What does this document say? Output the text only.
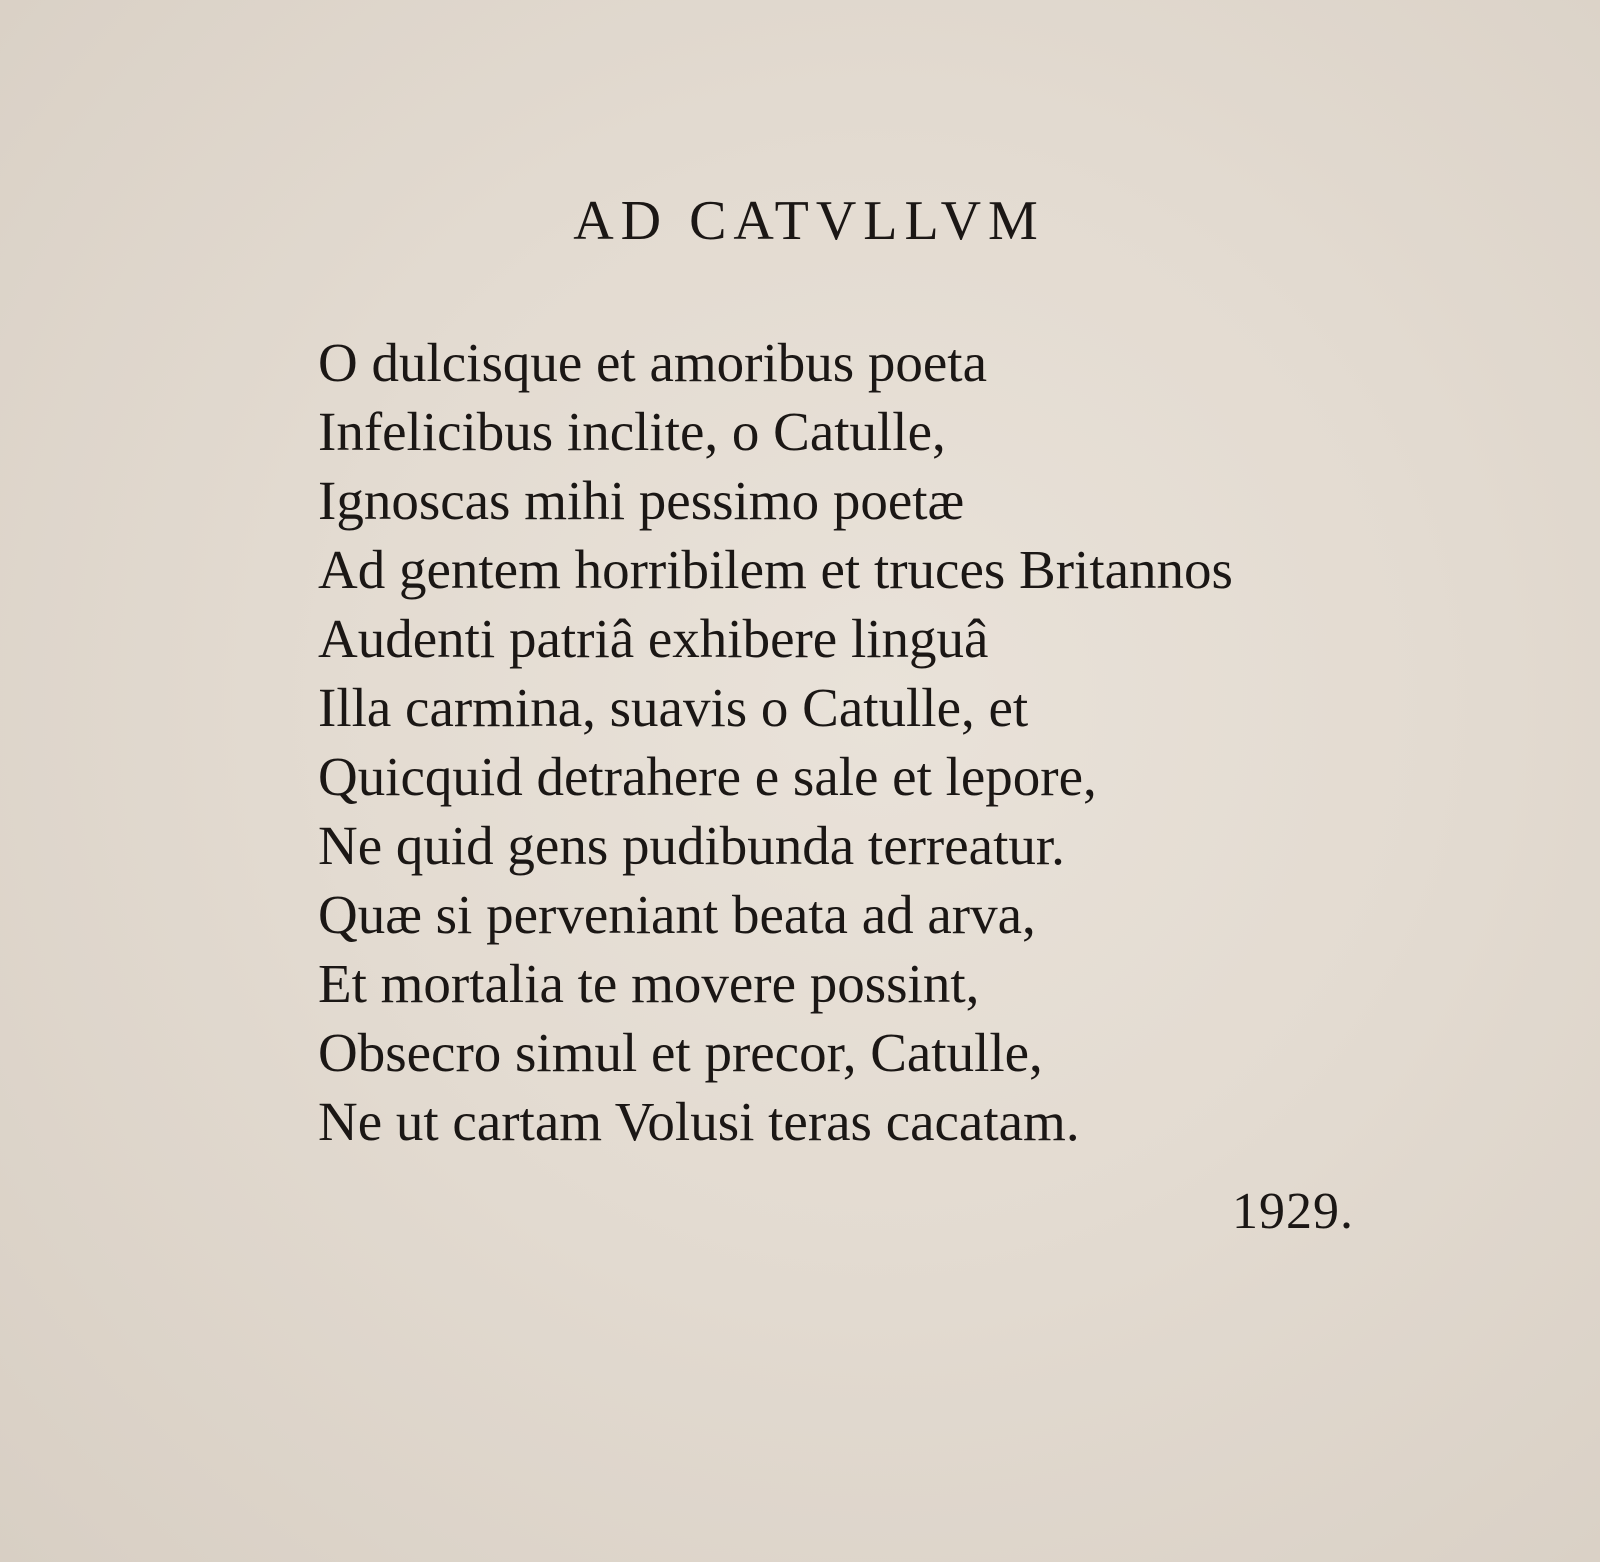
AD CATVLLVM
O dulcisque et amoribus poeta
Infelicibus inclite, o Catulle,
Ignoscas mihi pessimo poetæ
Ad gentem horribilem et truces Britannos
Audenti patriâ exhibere linguâ
Illa carmina, suavis o Catulle, et
Quicquid detrahere e sale et lepore,
Ne quid gens pudibunda terreatur.
Quæ si perveniant beata ad arva,
Et mortalia te movere possint,
Obsecro simul et precor, Catulle,
Ne ut cartam Volusi teras cacatam.
1929.
